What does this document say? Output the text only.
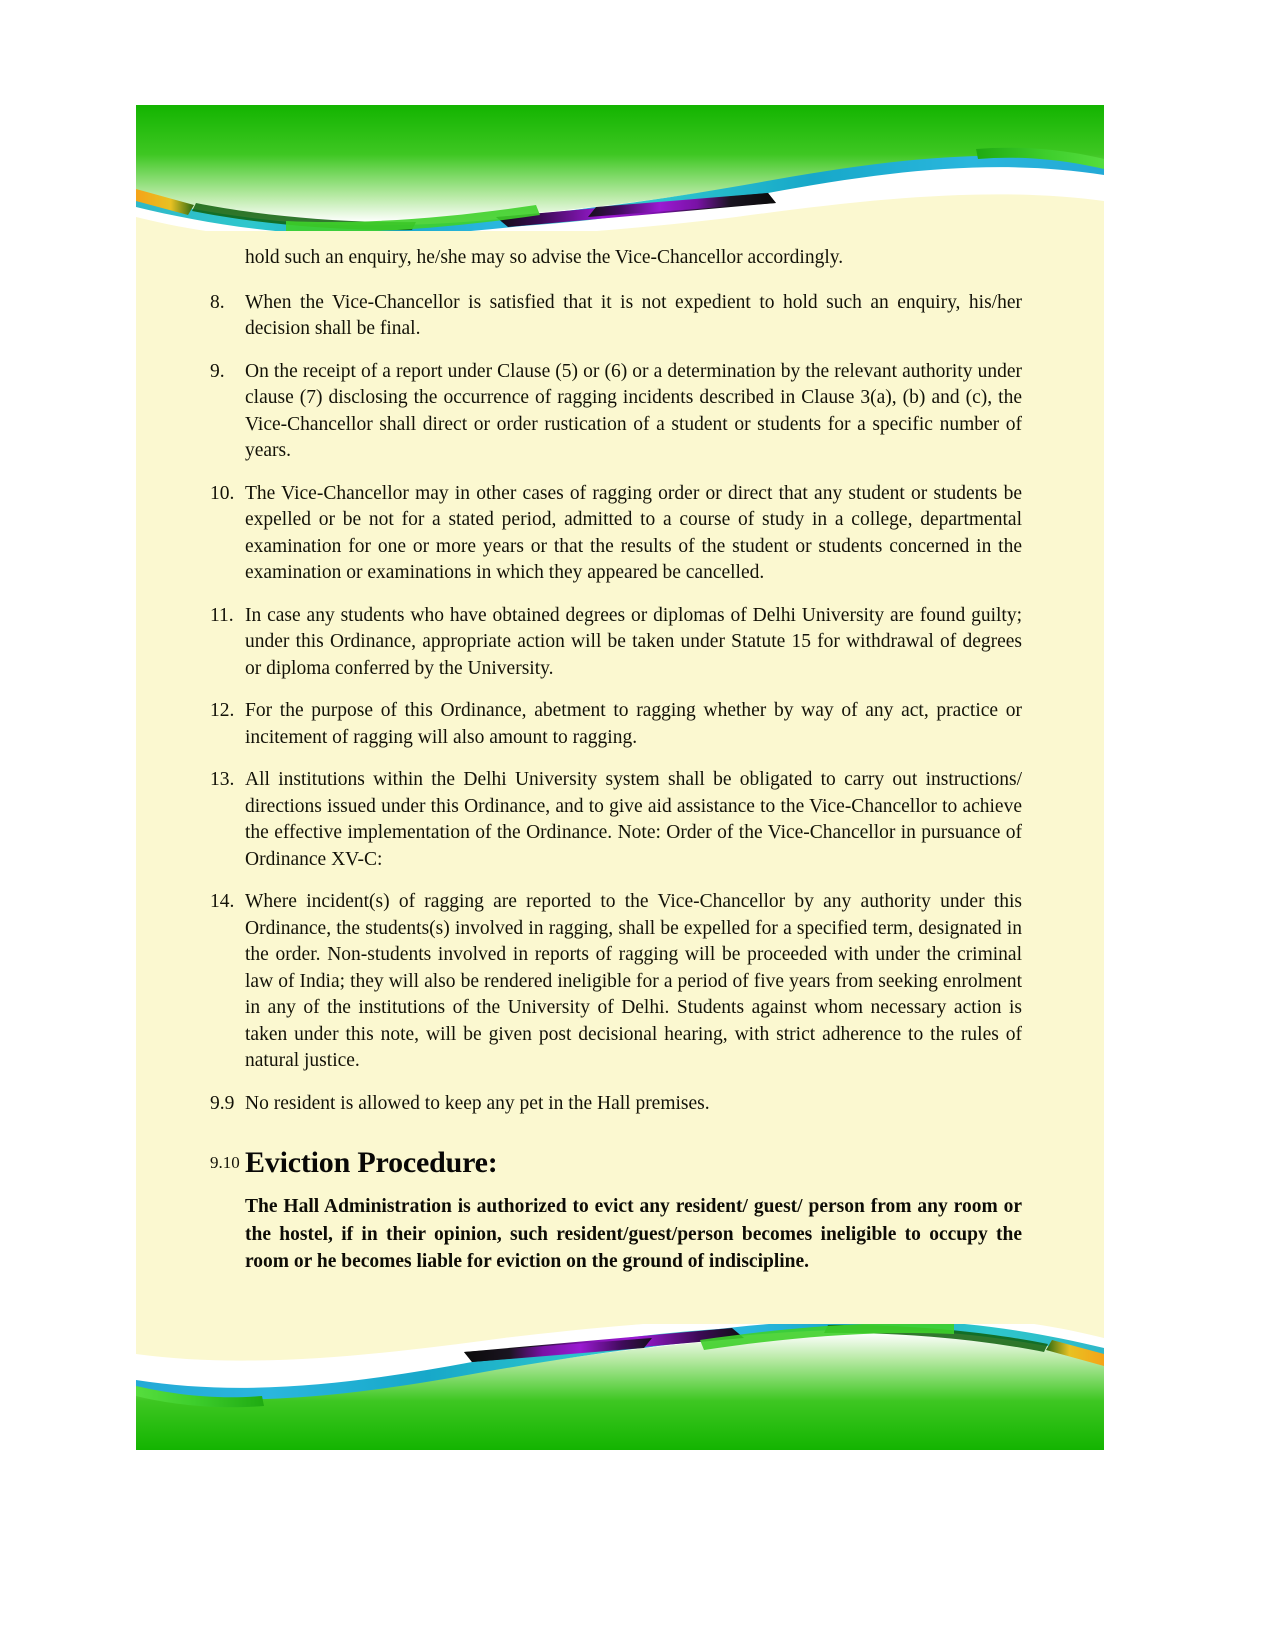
hold such an enquiry, he/she may so advise the Vice-Chancellor accordingly.
8.	When the Vice-Chancellor is satisfied that it is not expedient to hold such an enquiry, his/her decision shall be final.
9.	On the receipt of a report under Clause (5) or (6) or a determination by the relevant authority under clause (7) disclosing the occurrence of ragging incidents described in Clause 3(a), (b) and (c), the Vice-Chancellor shall direct or order rustication of a student or students for a specific number of years.
10. The Vice-Chancellor may in other cases of ragging order or direct that any student or students be expelled or be not for a stated period, admitted to a course of study in a college, departmental examination for one or more years or that the results of the student or students concerned in the examination or examinations in which they appeared be cancelled.
11. In case any students who have obtained degrees or diplomas of Delhi University are found guilty; under this Ordinance, appropriate action will be taken under Statute 15 for withdrawal of degrees or diploma conferred by the University.
12. For the purpose of this Ordinance, abetment to ragging whether by way of any act, practice or incitement of ragging will also amount to ragging.
13. All institutions within the Delhi University system shall be obligated to carry out instructions/ directions issued under this Ordinance, and to give aid assistance to the Vice-Chancellor to achieve the effective implementation of the Ordinance. Note: Order of the Vice-Chancellor in pursuance of Ordinance XV-C:
14. Where incident(s) of ragging are reported to the Vice-Chancellor by any authority under this Ordinance, the students(s) involved in ragging, shall be expelled for a specified term, designated in the order. Non-students involved in reports of ragging will be proceeded with under the criminal law of India; they will also be rendered ineligible for a period of five years from seeking enrolment in any of the institutions of the University of Delhi. Students against whom necessary action is taken under this note, will be given post decisional hearing, with strict adherence to the rules of natural justice.
9.9 No resident is allowed to keep any pet in the Hall premises.
9.10 Eviction Procedure:
The Hall Administration is authorized to evict any resident/ guest/ person from any room or the hostel, if in their opinion, such resident/guest/person becomes ineligible to occupy the room or he becomes liable for eviction on the ground of indiscipline.
